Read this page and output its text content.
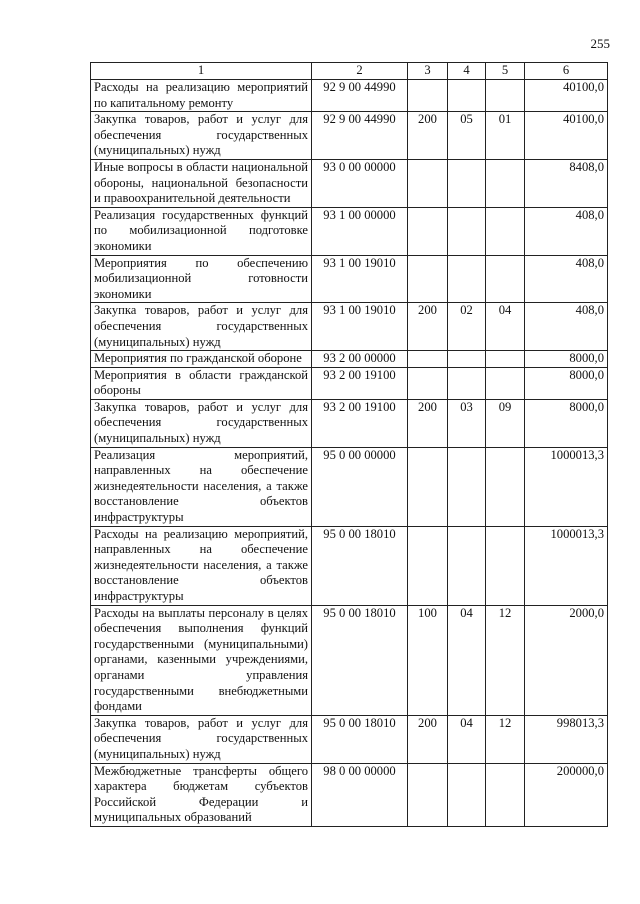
255
1	2	3	4	5	6
Расходы на реализацию мероприятий по капитальному ремонту	92 9 00 44990				40100,0
Закупка товаров, работ и услуг для обеспечения государственных (муниципальных) нужд	92 9 00 44990	200	05	01	40100,0
Иные вопросы в области национальной обороны, национальной безопасности и правоохранительной деятельности	93 0 00 00000				8408,0
Реализация государственных функций по мобилизационной подготовке экономики	93 1 00 00000				408,0
Мероприятия по обеспечению мобилизационной готовности экономики	93 1 00 19010				408,0
Закупка товаров, работ и услуг для обеспечения государственных (муниципальных) нужд	93 1 00 19010	200	02	04	408,0
Мероприятия по гражданской обороне	93 2 00 00000				8000,0
Мероприятия в области гражданской обороны	93 2 00 19100				8000,0
Закупка товаров, работ и услуг для обеспечения государственных (муниципальных) нужд	93 2 00 19100	200	03	09	8000,0
Реализация мероприятий, направленных на обеспечение жизнедеятельности населения, а также восстановление объектов инфраструктуры	95 0 00 00000				1000013,3
Расходы на реализацию мероприятий, направленных на обеспечение жизнедеятельности населения, а также восстановление объектов инфраструктуры	95 0 00 18010				1000013,3
Расходы на выплаты персоналу в целях обеспечения выполнения функций государственными (муниципальными) органами, казенными учреждениями, органами управления государственными внебюджетными фондами	95 0 00 18010	100	04	12	2000,0
Закупка товаров, работ и услуг для обеспечения государственных (муниципальных) нужд	95 0 00 18010	200	04	12	998013,3
Межбюджетные трансферты общего характера бюджетам субъектов Российской Федерации и муниципальных образований	98 0 00 00000				200000,0
